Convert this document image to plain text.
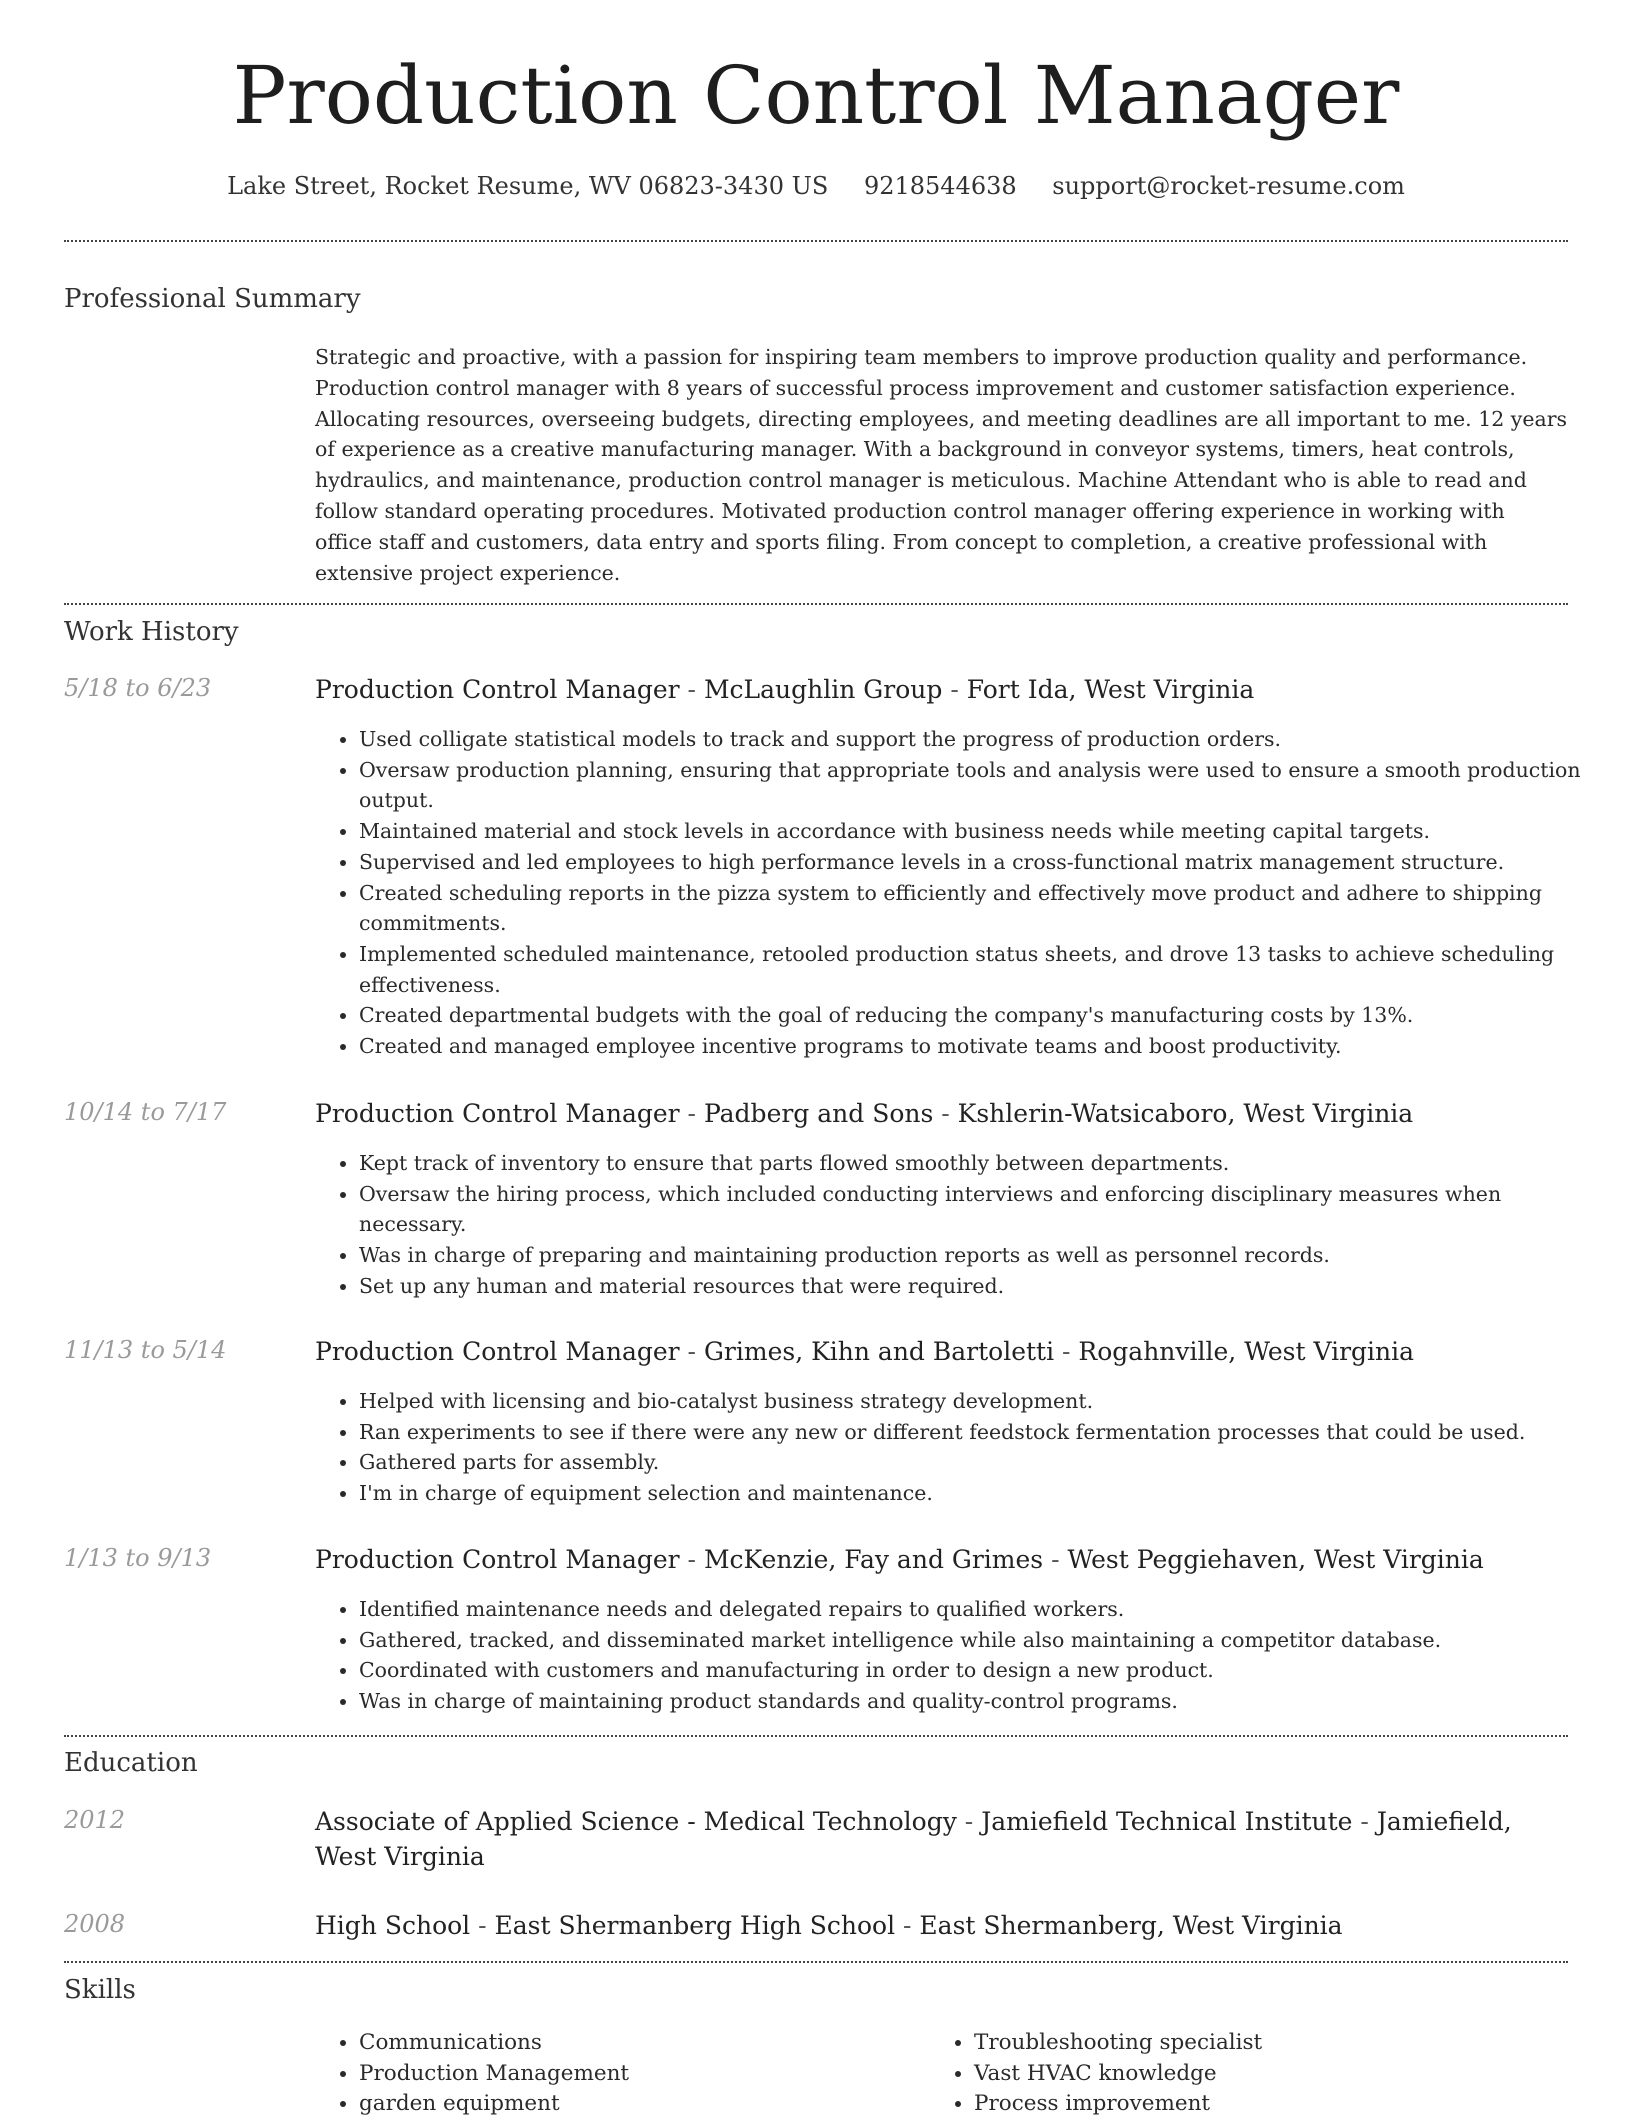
Production Control Manager
Lake Street, Rocket Resume, WV 06823-3430 US 9218544638 support@rocket-resume.com
Professional Summary

Strategic and proactive, with a passion for inspiring team members to improve production quality and performance. Production control manager with 8 years of successful process improvement and customer satisfaction experience. Allocating resources, overseeing budgets, directing employees, and meeting deadlines are all important to me. 12 years of experience as a creative manufacturing manager. With a background in conveyor systems, timers, heat controls, hydraulics, and maintenance, production control manager is meticulous. Machine Attendant who is able to read and follow standard operating procedures. Motivated production control manager offering experience in working with office staff and customers, data entry and sports filing. From concept to completion, a creative professional with extensive project experience.

Work History
5/18 to 6/23	Production Control Manager - McLaughlin Group - Fort Ida, West Virginia
• Used colligate statistical models to track and support the progress of production orders.
• Oversaw production planning, ensuring that appropriate tools and analysis were used to ensure a smooth production output.
• Maintained material and stock levels in accordance with business needs while meeting capital targets.
• Supervised and led employees to high performance levels in a cross-functional matrix management structure.
• Created scheduling reports in the pizza system to efficiently and effectively move product and adhere to shipping commitments.
• Implemented scheduled maintenance, retooled production status sheets, and drove 13 tasks to achieve scheduling effectiveness.
• Created departmental budgets with the goal of reducing the company's manufacturing costs by 13%.
• Created and managed employee incentive programs to motivate teams and boost productivity.
10/14 to 7/17	Production Control Manager - Padberg and Sons - Kshlerin-Watsicaboro, West Virginia
• Kept track of inventory to ensure that parts flowed smoothly between departments.
• Oversaw the hiring process, which included conducting interviews and enforcing disciplinary measures when necessary.
• Was in charge of preparing and maintaining production reports as well as personnel records.
• Set up any human and material resources that were required.
11/13 to 5/14	Production Control Manager - Grimes, Kihn and Bartoletti - Rogahnville, West Virginia
• Helped with licensing and bio-catalyst business strategy development.
• Ran experiments to see if there were any new or different feedstock fermentation processes that could be used.
• Gathered parts for assembly.
• I'm in charge of equipment selection and maintenance.
1/13 to 9/13	Production Control Manager - McKenzie, Fay and Grimes - West Peggiehaven, West Virginia
• Identified maintenance needs and delegated repairs to qualified workers.
• Gathered, tracked, and disseminated market intelligence while also maintaining a competitor database.
• Coordinated with customers and manufacturing in order to design a new product.
• Was in charge of maintaining product standards and quality-control programs.
Education
2012	Associate of Applied Science - Medical Technology - Jamiefield Technical Institute - Jamiefield, West Virginia
2008	High School - East Shermanberg High School - East Shermanberg, West Virginia
Skills
• Communications
• Production Management
• garden equipment
• Troubleshooting specialist
• Vast HVAC knowledge
• Process improvement
